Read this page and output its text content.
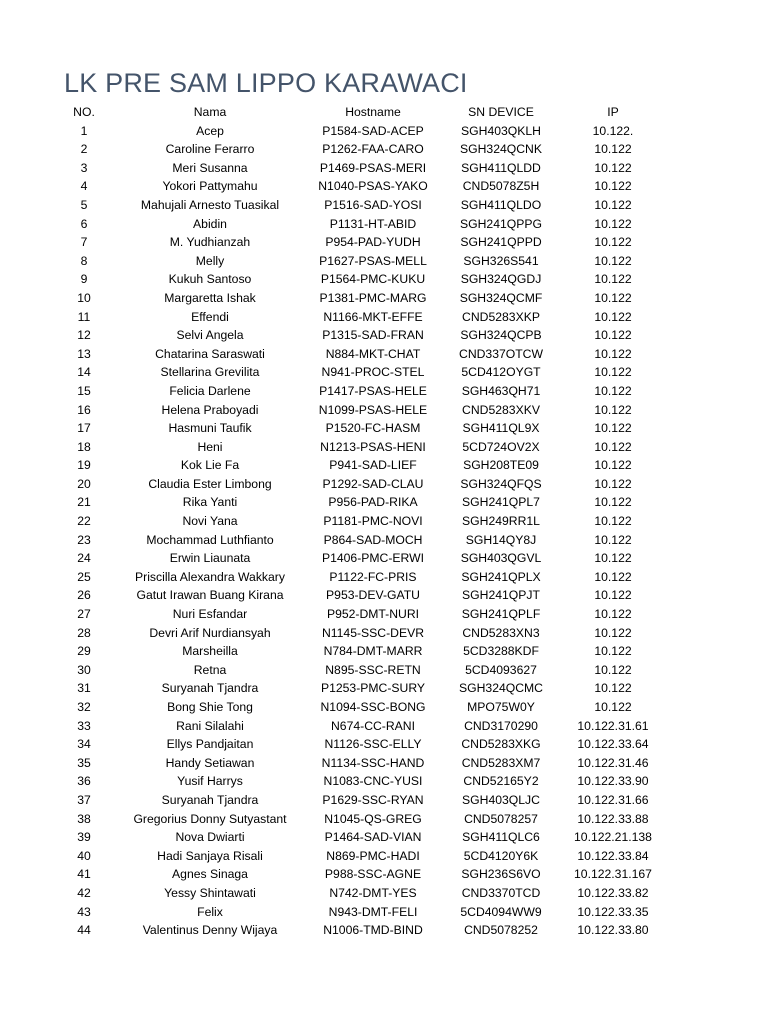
LK PRE SAM LIPPO KARAWACI
NO.	Nama	Hostname	SN DEVICE	IP
1	Acep	P1584-SAD-ACEP	SGH403QKLH	10.122.
2	Caroline Ferarro	P1262-FAA-CARO	SGH324QCNK	10.122
3	Meri Susanna	P1469-PSAS-MERI	SGH411QLDD	10.122
4	Yokori Pattymahu	N1040-PSAS-YAKO	CND5078Z5H	10.122
5	Mahujali Arnesto Tuasikal	P1516-SAD-YOSI	SGH411QLDO	10.122
6	Abidin	P1131-HT-ABID	SGH241QPPG	10.122
7	M. Yudhianzah	P954-PAD-YUDH	SGH241QPPD	10.122
8	Melly	P1627-PSAS-MELL	SGH326S541	10.122
9	Kukuh Santoso	P1564-PMC-KUKU	SGH324QGDJ	10.122
10	Margaretta Ishak	P1381-PMC-MARG	SGH324QCMF	10.122
11	Effendi	N1166-MKT-EFFE	CND5283XKP	10.122
12	Selvi Angela	P1315-SAD-FRAN	SGH324QCPB	10.122
13	Chatarina Saraswati	N884-MKT-CHAT	CND337OTCW	10.122
14	Stellarina Grevilita	N941-PROC-STEL	5CD412OYGT	10.122
15	Felicia Darlene	P1417-PSAS-HELE	SGH463QH71	10.122
16	Helena Praboyadi	N1099-PSAS-HELE	CND5283XKV	10.122
17	Hasmuni Taufik	P1520-FC-HASM	SGH411QL9X	10.122
18	Heni	N1213-PSAS-HENI	5CD724OV2X	10.122
19	Kok Lie Fa	P941-SAD-LIEF	SGH208TE09	10.122
20	Claudia Ester Limbong	P1292-SAD-CLAU	SGH324QFQS	10.122
21	Rika Yanti	P956-PAD-RIKA	SGH241QPL7	10.122
22	Novi Yana	P1181-PMC-NOVI	SGH249RR1L	10.122
23	Mochammad Luthfianto	P864-SAD-MOCH	SGH14QY8J	10.122
24	Erwin Liaunata	P1406-PMC-ERWI	SGH403QGVL	10.122
25	Priscilla Alexandra Wakkary	P1122-FC-PRIS	SGH241QPLX	10.122
26	Gatut Irawan Buang Kirana	P953-DEV-GATU	SGH241QPJT	10.122
27	Nuri Esfandar	P952-DMT-NURI	SGH241QPLF	10.122
28	Devri Arif Nurdiansyah	N1145-SSC-DEVR	CND5283XN3	10.122
29	Marsheilla	N784-DMT-MARR	5CD3288KDF	10.122
30	Retna	N895-SSC-RETN	5CD4093627	10.122
31	Suryanah Tjandra	P1253-PMC-SURY	SGH324QCMC	10.122
32	Bong Shie Tong	N1094-SSC-BONG	MPO75W0Y	10.122
33	Rani Silalahi	N674-CC-RANI	CND3170290	10.122.31.61
34	Ellys Pandjaitan	N1126-SSC-ELLY	CND5283XKG	10.122.33.64
35	Handy Setiawan	N1134-SSC-HAND	CND5283XM7	10.122.31.46
36	Yusif Harrys	N1083-CNC-YUSI	CND52165Y2	10.122.33.90
37	Suryanah Tjandra	P1629-SSC-RYAN	SGH403QLJC	10.122.31.66
38	Gregorius Donny Sutyastant	N1045-QS-GREG	CND5078257	10.122.33.88
39	Nova Dwiarti	P1464-SAD-VIAN	SGH411QLC6	10.122.21.138
40	Hadi Sanjaya Risali	N869-PMC-HADI	5CD4120Y6K	10.122.33.84
41	Agnes Sinaga	P988-SSC-AGNE	SGH236S6VO	10.122.31.167
42	Yessy Shintawati	N742-DMT-YES	CND3370TCD	10.122.33.82
43	Felix	N943-DMT-FELI	5CD4094WW9	10.122.33.35
44	Valentinus Denny Wijaya	N1006-TMD-BIND	CND5078252	10.122.33.80
